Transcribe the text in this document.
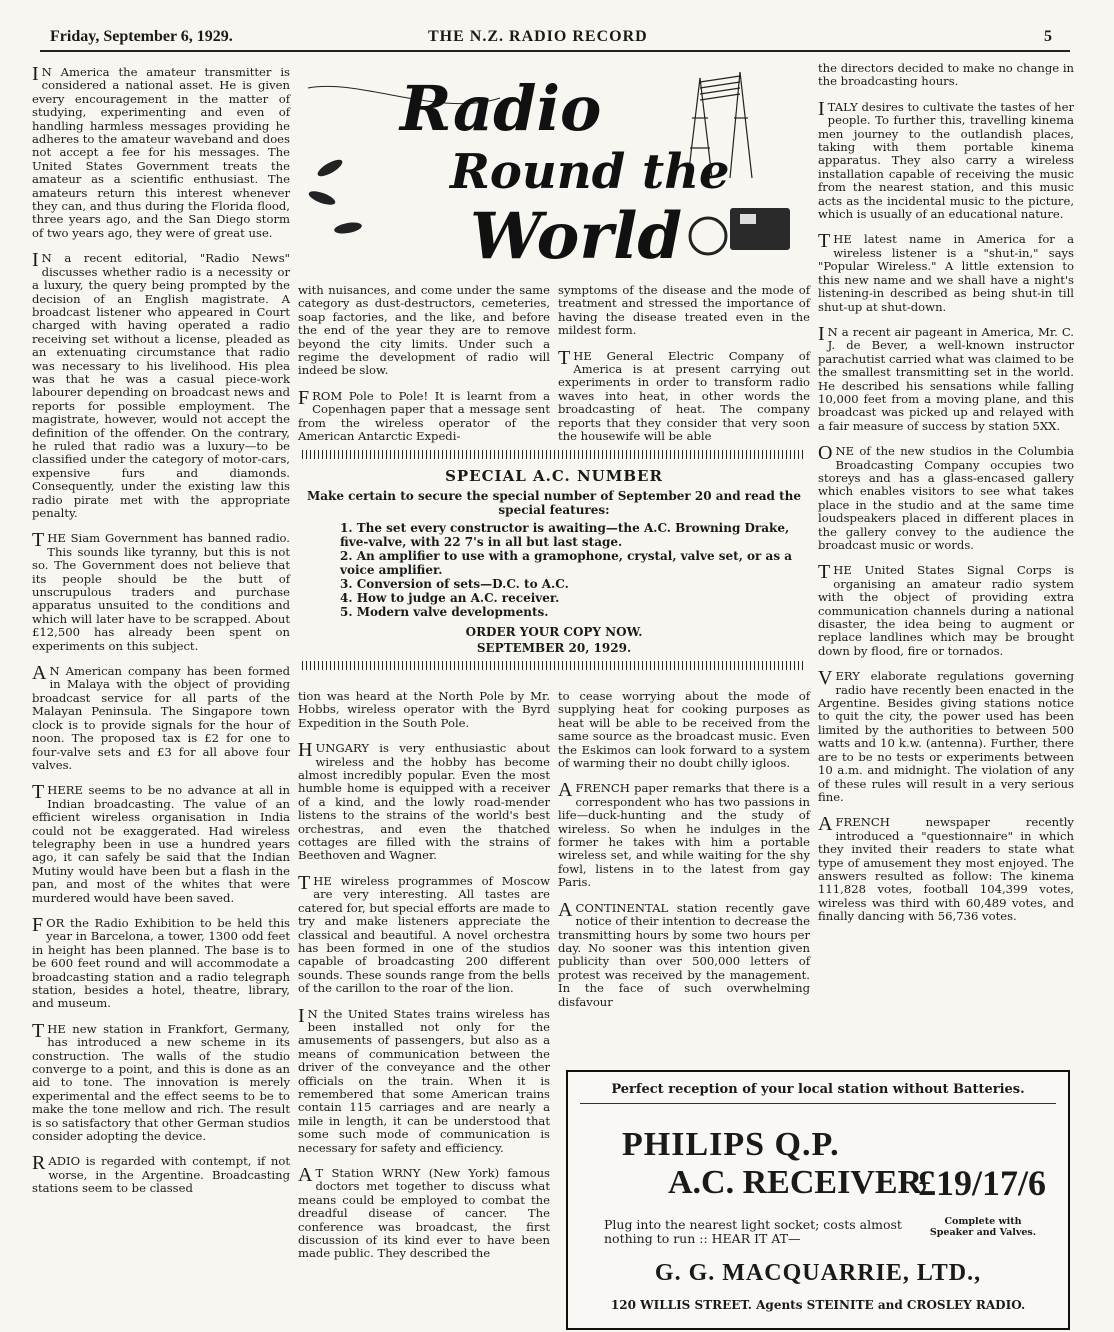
Friday, September 6, 1929.	THE N.Z. RADIO RECORD	5

I N America the amateur transmitter is considered a national asset. He is given every encouragement in the matter of studying, experimenting and even of handling harmless messages providing he adheres to the amateur waveband and does not accept a fee for his messages. The United States Government treats the amateur as a scientific enthusiast. The amateurs return this interest whenever they can, and thus during the Florida flood, three years ago, and the San Diego storm of two years ago, they were of great use.

I N a recent editorial, "Radio News" discusses whether radio is a necessity or a luxury, the query being prompted by the decision of an English magistrate. A broadcast listener who appeared in Court charged with having operated a radio receiving set without a license, pleaded as an extenuating circumstance that radio was necessary to his livelihood. His plea was that he was a casual piece-work labourer depending on broadcast news and reports for possible employment. The magistrate, however, would not accept the definition of the offender. On the contrary, he ruled that radio was a luxury—to be classified under the category of motor-cars, expensive furs and diamonds. Consequently, under the existing law this radio pirate met with the appropriate penalty.

THE Siam Government has banned radio. This sounds like tyranny, but this is not so. The Government does not believe that its people should be the butt of unscrupulous traders and purchase apparatus unsuited to the conditions and which will later have to be scrapped. About £12,500 has already been spent on experiments on this subject.

A N American company has been formed in Malaya with the object of providing broadcast service for all parts of the Malayan Peninsula. The Singapore town clock is to provide signals for the hour of noon. The proposed tax is £2 for one to four-valve sets and £3 for all above four valves.

THERE seems to be no advance at all in Indian broadcasting. The value of an efficient wireless organisation in India could not be exaggerated. Had wireless telegraphy been in use a hundred years ago, it can safely be said that the Indian Mutiny would have been but a flash in the pan, and most of the whites that were murdered would have been saved.

FOR the Radio Exhibition to be held this year in Barcelona, a tower, 1300 odd feet in height has been planned. The base is to be 600 feet round and will accommodate a broadcasting station and a radio telegraph station, besides a hotel, theatre, library, and museum.

THE new station in Frankfort, Germany, has introduced a new scheme in its construction. The walls of the studio converge to a point, and this is done as an aid to tone. The innovation is merely experimental and the effect seems to be to make the tone mellow and rich. The result is so satisfactory that other German studios consider adopting the device.

RADIO is regarded with contempt, if not worse, in the Argentine. Broadcasting stations seem to be classed

Radio
Round the
World

with nuisances, and come under the same category as dust-destructors, cemeteries, soap factories, and the like, and before the end of the year they are to remove beyond the city limits. Under such a regime the development of radio will indeed be slow.

FROM Pole to Pole! It is learnt from a Copenhagen paper that a message sent from the wireless operator of the American Antarctic Expedi-

symptoms of the disease and the mode of treatment and stressed the importance of having the disease treated even in the mildest form.

THE General Electric Company of America is at present carrying out experiments in order to transform radio waves into heat, in other words the broadcasting of heat. The company reports that they consider that very soon the housewife will be able

SPECIAL A.C. NUMBER
Make certain to secure the special number of September 20 and read the special features:
1. The set every constructor is awaiting—the A.C. Browning Drake, five-valve, with 22 7's in all but last stage.
2. An amplifier to use with a gramophone, crystal, valve set, or as a voice amplifier.
3. Conversion of sets—D.C. to A.C.
4. How to judge an A.C. receiver.
5. Modern valve developments.
ORDER YOUR COPY NOW.
SEPTEMBER 20, 1929.

tion was heard at the North Pole by Mr. Hobbs, wireless operator with the Byrd Expedition in the South Pole.

HUNGARY is very enthusiastic about wireless and the hobby has become almost incredibly popular. Even the most humble home is equipped with a receiver of a kind, and the lowly road-mender listens to the strains of the world's best orchestras, and even the thatched cottages are filled with the strains of Beethoven and Wagner.

THE wireless programmes of Moscow are very interesting. All tastes are catered for, but special efforts are made to try and make listeners appreciate the classical and beautiful. A novel orchestra has been formed in one of the studios capable of broadcasting 200 different sounds. These sounds range from the bells of the carillon to the roar of the lion.

I N the United States trains wireless has been installed not only for the amusements of passengers, but also as a means of communication between the driver of the conveyance and the other officials on the train. When it is remembered that some American trains contain 115 carriages and are nearly a mile in length, it can be understood that some such mode of communication is necessary for safety and efficiency.

A T Station WRNY (New York) famous doctors met together to discuss what means could be employed to combat the dreadful disease of cancer. The conference was broadcast, the first discussion of its kind ever to have been made public. They described the

to cease worrying about the mode of supplying heat for cooking purposes as heat will be able to be received from the same source as the broadcast music. Even the Eskimos can look forward to a system of warming their no doubt chilly igloos.

A FRENCH paper remarks that there is a correspondent who has two passions in life—duck-hunting and the study of wireless. So when he indulges in the former he takes with him a portable wireless set, and while waiting for the shy fowl, listens in to the latest from gay Paris.

A CONTINENTAL station recently gave notice of their intention to decrease the transmitting hours by some two hours per day. No sooner was this intention given publicity than over 500,000 letters of protest was received by the management. In the face of such overwhelming disfavour

the directors decided to make no change in the broadcasting hours.

ITALY desires to cultivate the tastes of her people. To further this, travelling kinema men journey to the outlandish places, taking with them portable kinema apparatus. They also carry a wireless installation capable of receiving the music from the nearest station, and this music acts as the incidental music to the picture, which is usually of an educational nature.

THE latest name in America for a wireless listener is a "shut-in," says "Popular Wireless." A little extension to this new name and we shall have a night's listening-in described as being shut-in till shut-up at shut-down.

I N a recent air pageant in America, Mr. C. J. de Bever, a well-known instructor parachutist carried what was claimed to be the smallest transmitting set in the world. He described his sensations while falling 10,000 feet from a moving plane, and this broadcast was picked up and relayed with a fair measure of success by station 5XX.

ONE of the new studios in the Columbia Broadcasting Company occupies two storeys and has a glass-encased gallery which enables visitors to see what takes place in the studio and at the same time loudspeakers placed in different places in the gallery convey to the audience the broadcast music or words.

THE United States Signal Corps is organising an amateur radio system with the object of providing extra communication channels during a national disaster, the idea being to augment or replace landlines which may be brought down by flood, fire or tornados.

VERY elaborate regulations governing radio have recently been enacted in the Argentine. Besides giving stations notice to quit the city, the power used has been limited by the authorities to between 500 watts and 10 k.w. (antenna). Further, there are to be no tests or experiments between 10 a.m. and midnight. The violation of any of these rules will result in a very serious fine.

AFRENCH newspaper recently introduced a "questionnaire" in which they invited their readers to state what type of amusement they most enjoyed. The answers resulted as follow: The kinema 111,828 votes, football 104,399 votes, wireless was third with 60,489 votes, and finally dancing with 56,736 votes.

Perfect reception of your local station without Batteries.
PHILIPS Q.P.
A.C. RECEIVER
£19/17/6
Plug into the nearest light socket; costs almost nothing to run :: HEAR IT AT—
Complete with Speaker and Valves.
G. G. MACQUARRIE, LTD.,
120 WILLIS STREET. Agents STEINITE and CROSLEY RADIO.
